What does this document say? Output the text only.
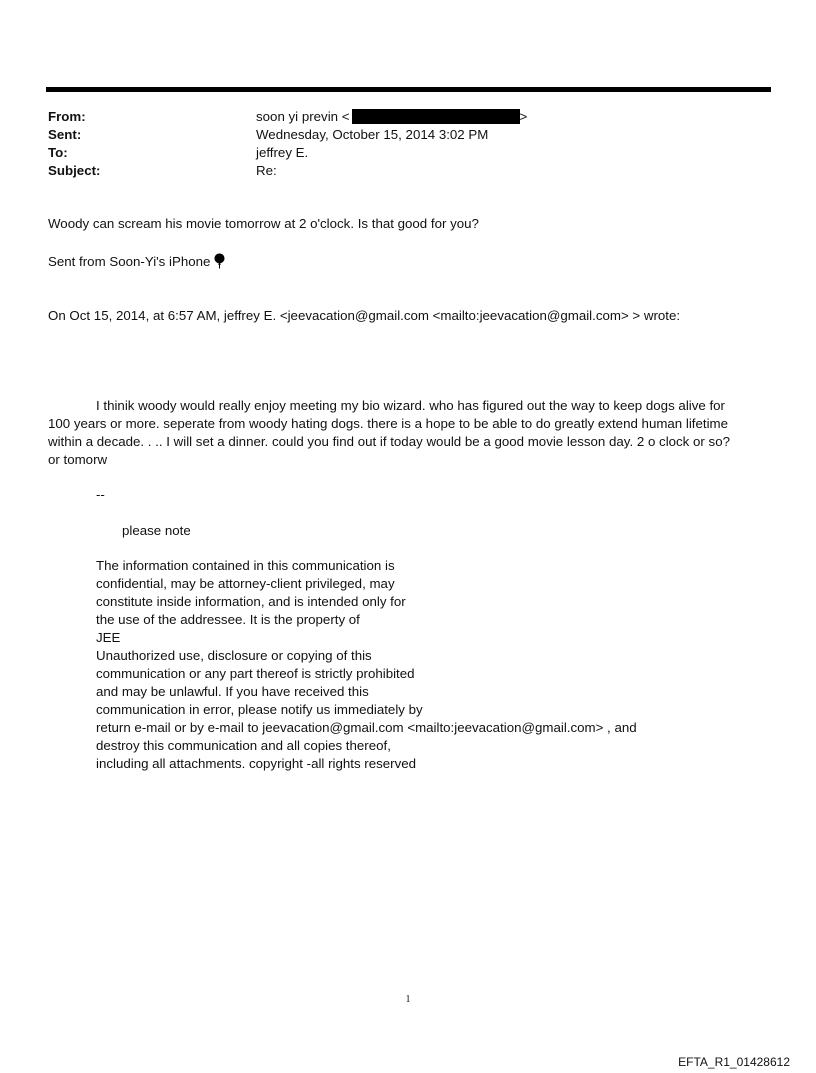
From:	soon yi previn <	>
Sent:	Wednesday, October 15, 2014 3:02 PM
To:	jeffrey E.
Subject:	Re:
Woody can scream his movie tomorrow at 2 o'clock. Is that good for you?
Sent from Soon-Yi's iPhone
On Oct 15, 2014, at 6:57 AM, jeffrey E. <jeevacation@gmail.com <mailto:jeevacation@gmail.com> > wrote:
I thinik woody would really enjoy meeting my bio wizard. who has figured out the way to keep dogs alive for
100 years or more. seperate from woody hating dogs. there is a hope to be able to do greatly extend human lifetime
within a decade. . .. I will set a dinner. could you find out if today would be a good movie lesson day. 2 o clock or so?
or tomorw
--
please note
The information contained in this communication is
confidential, may be attorney-client privileged, may
constitute inside information, and is intended only for
the use of the addressee. It is the property of
JEE
Unauthorized use, disclosure or copying of this
communication or any part thereof is strictly prohibited
and may be unlawful. If you have received this
communication in error, please notify us immediately by
return e-mail or by e-mail to jeevacation@gmail.com <mailto:jeevacation@gmail.com> , and
destroy this communication and all copies thereof,
including all attachments. copyright -all rights reserved
1
EFTA_R1_01428612
